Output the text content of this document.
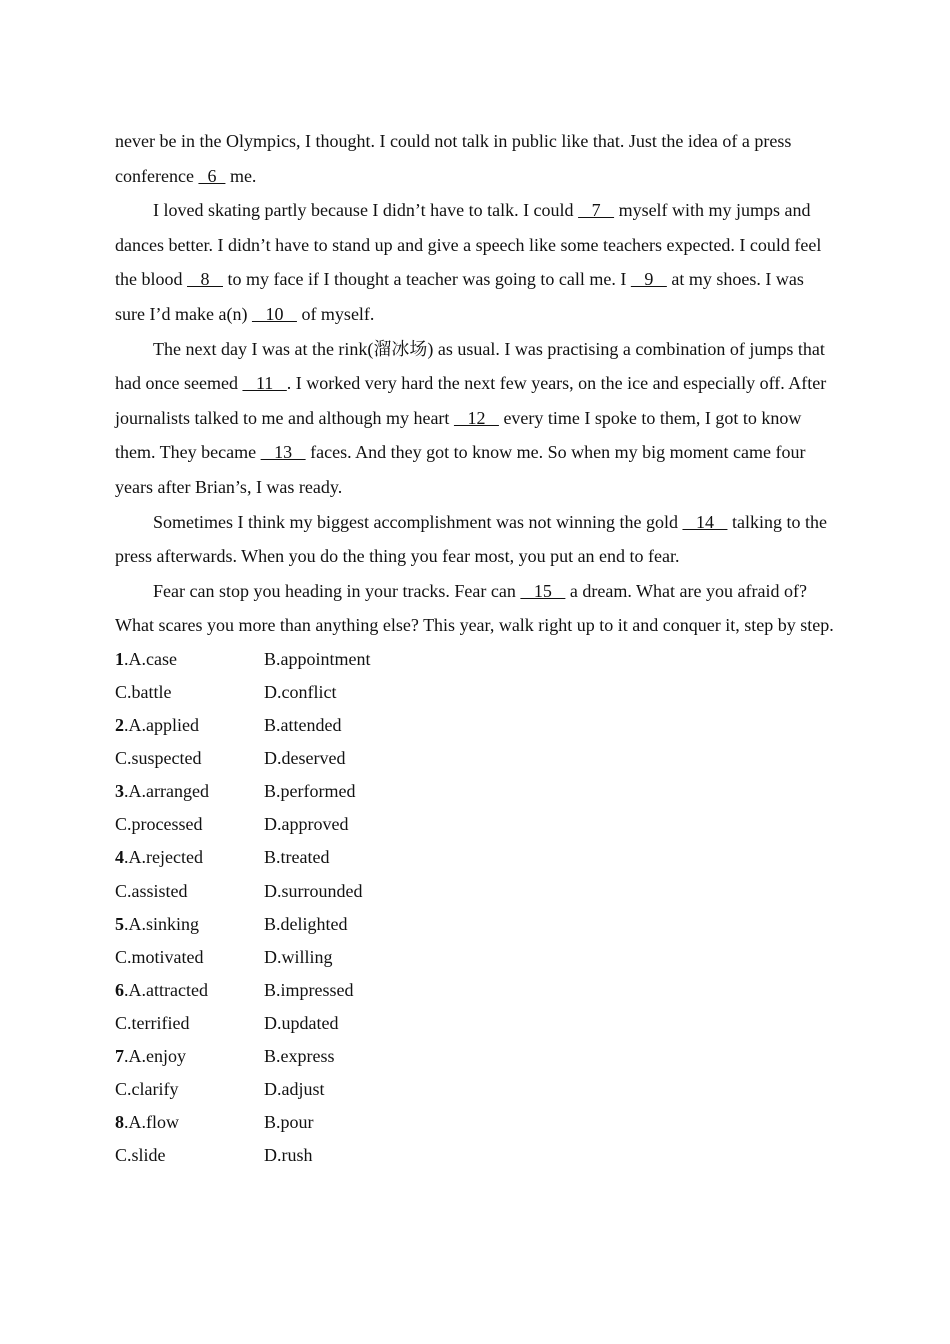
never be in the Olympics, I thought. I could not talk in public like that. Just the idea of a press conference   6   me.

I loved skating partly because I didn’t have to talk. I could    7    myself with my jumps and dances better. I didn’t have to stand up and give a speech like some teachers expected. I could feel the blood    8    to my face if I thought a teacher was going to call me. I    9    at my shoes. I was sure I’d make a(n)    10    of myself.

The next day I was at the rink(溜冰场) as usual. I was practising a combination of jumps that had once seemed    11   . I worked very hard the next few years, on the ice and especially off. After journalists talked to me and although my heart    12    every time I spoke to them, I got to know them. They became    13    faces. And they got to know me. So when my big moment came four years after Brian’s, I was ready.

Sometimes I think my biggest accomplishment was not winning the gold    14    talking to the press afterwards. When you do the thing you fear most, you put an end to fear.

Fear can stop you heading in your tracks. Fear can    15    a dream. What are you afraid of? What scares you more than anything else? This year, walk right up to it and conquer it, step by step.

1.A.case	B.appointment
C.battle	D.conflict
2.A.applied	B.attended
C.suspected	D.deserved
3.A.arranged	B.performed
C.processed	D.approved
4.A.rejected	B.treated
C.assisted	D.surrounded
5.A.sinking	B.delighted
C.motivated	D.willing
6.A.attracted	B.impressed
C.terrified	D.updated
7.A.enjoy	B.express
C.clarify	D.adjust
8.A.flow	B.pour
C.slide	D.rush
